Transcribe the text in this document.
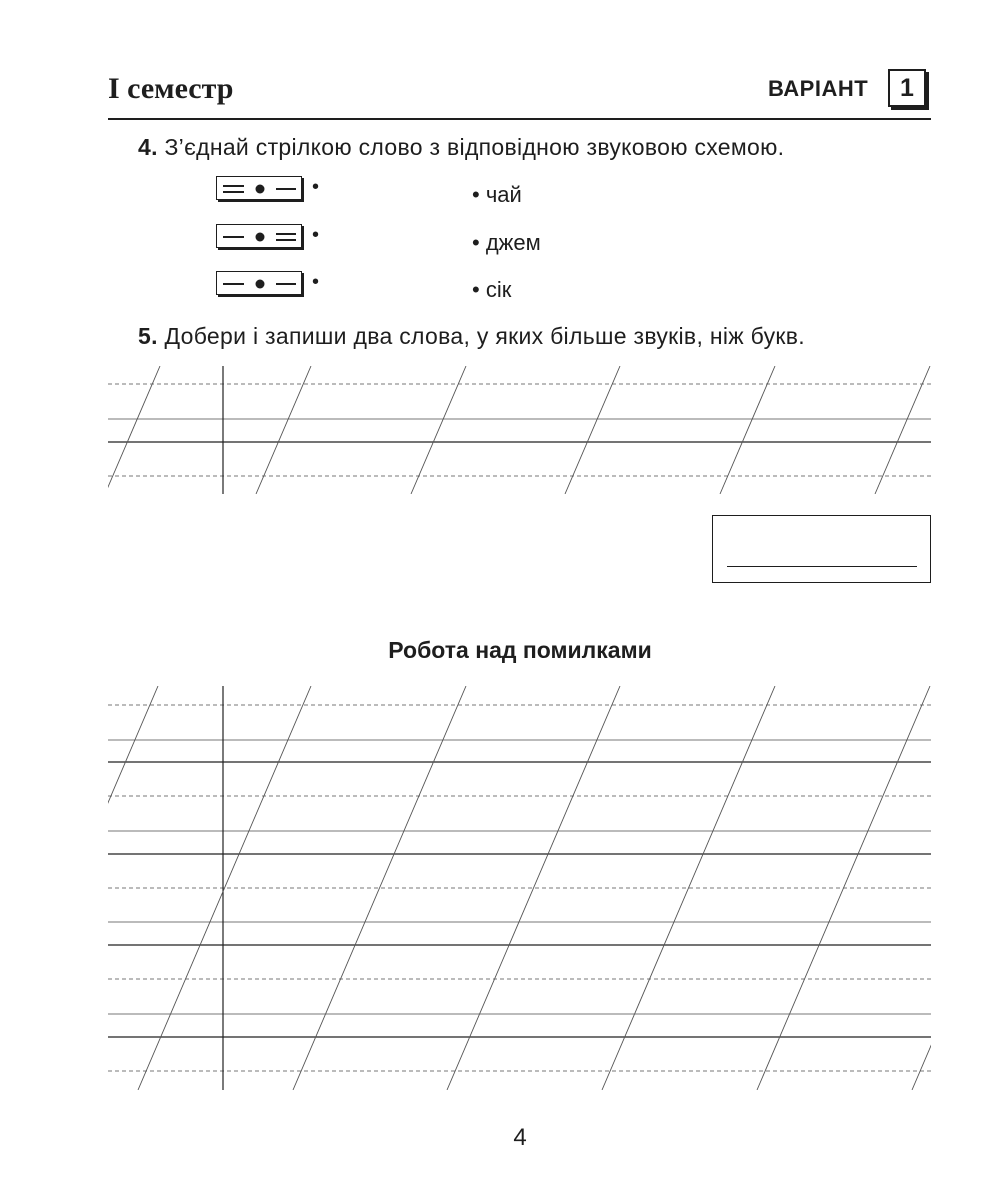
I семестр	ВАРІАНТ	1
4. З’єднай стрілкою слово з відповідною звуковою схемою.
•
•
•
• чай
• джем
• сік
5. Добери і запиши два слова, у яких більше звуків, ніж букв.
Робота над помилками
4
